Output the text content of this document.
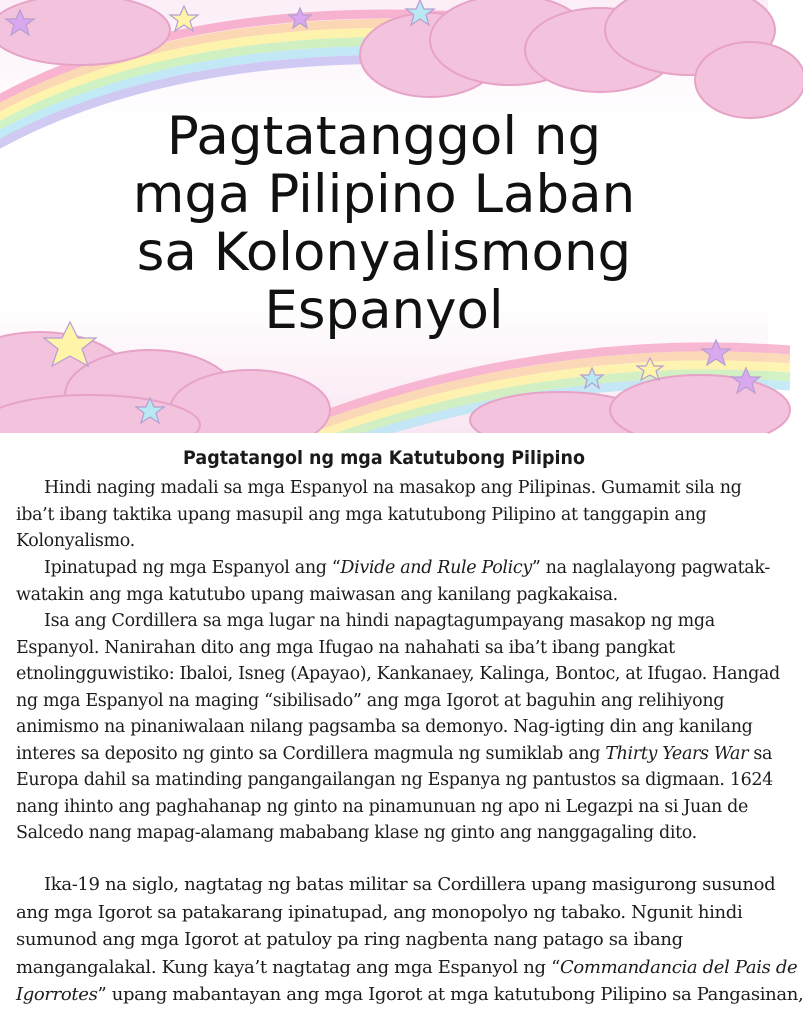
Pagtatanggol ng
mga Pilipino Laban
sa Kolonyalismong
Espanyol
Pagtatangol ng mga Katutubong Pilipino

Hindi naging madali sa mga Espanyol na masakop ang Pilipinas. Gumamit sila ng
iba’t ibang taktika upang masupil ang mga katutubong Pilipino at tanggapin ang
Kolonyalismo.

Ipinatupad ng mga Espanyol ang “Divide and Rule Policy” na naglalayong pagwatak-
watakin ang mga katutubo upang maiwasan ang kanilang pagkakaisa.

Isa ang Cordillera sa mga lugar na hindi napagtagumpayang masakop ng mga
Espanyol. Nanirahan dito ang mga Ifugao na nahahati sa iba’t ibang pangkat
etnolingguwistiko: Ibaloi, Isneg (Apayao), Kankanaey, Kalinga, Bontoc, at Ifugao. Hangad
ng mga Espanyol na maging “sibilisado” ang mga Igorot at baguhin ang relihiyong
animismo na pinaniwalaan nilang pagsamba sa demonyo. Nag-igting din ang kanilang
interes sa deposito ng ginto sa Cordillera magmula ng sumiklab ang Thirty Years War sa
Europa dahil sa matinding pangangailangan ng Espanya ng pantustos sa digmaan. 1624
nang ihinto ang paghahanap ng ginto na pinamunuan ng apo ni Legazpi na si Juan de
Salcedo nang mapag-alamang mababang klase ng ginto ang nanggagaling dito.

Ika-19 na siglo, nagtatag ng batas militar sa Cordillera upang masigurong susunod
ang mga Igorot sa patakarang ipinatupad, ang monopolyo ng tabako. Ngunit hindi
sumunod ang mga Igorot at patuloy pa ring nagbenta nang patago sa ibang
mangangalakal. Kung kaya’t nagtatag ang mga Espanyol ng “Commandancia del Pais de
Igorrotes” upang mabantayan ang mga Igorot at mga katutubong Pilipino sa Pangasinan,
